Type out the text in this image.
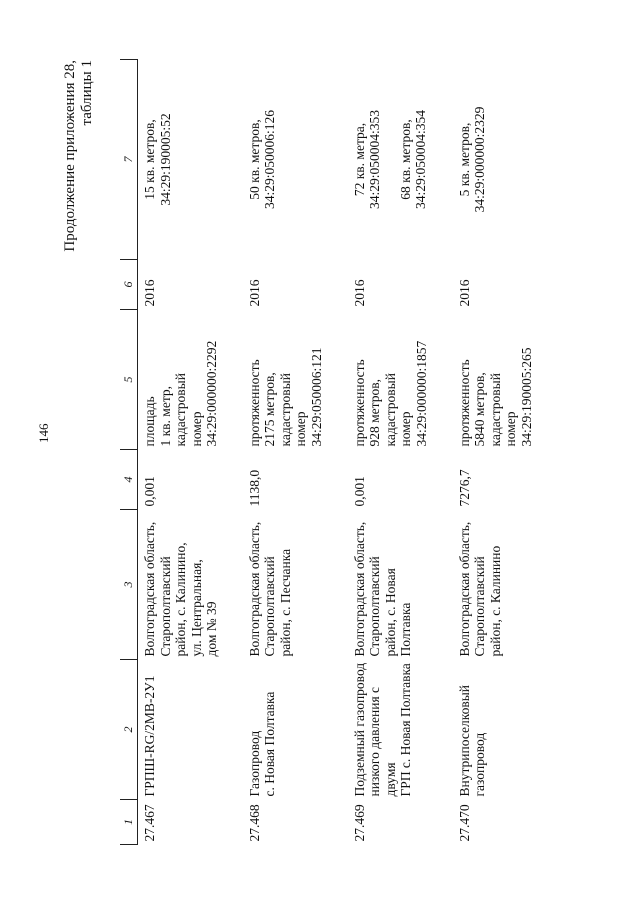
146
Продолжение приложения 28, таблицы 1
1	2	3	4	5	6	7
27.467	ГРПШ-RG/2MB-2У1	Волгоградская область, Старополтавский район, с. Калинино, ул. Центральная, дом № 39	0,001	площадь 1 кв. метр, кадастровый номер 34:29:000000:2292	2016	15 кв. метров, 34:29:190005:52

27.468	Газопровод с. Новая Полтавка	Волгоградская область, Старополтавский район, с. Песчанка	1138,0	протяженность 2175 метров, кадастровый номер 34:29:050006:121	2016	50 кв. метров, 34:29:050006:126

27.469	Подземный газопровод низкого давления с двумя ГРП с. Новая Полтавка	Волгоградская область, Старополтавский район, с. Новая Полтавка	0,001	протяженность 928 метров, кадастровый номер 34:29:000000:1857	2016	72 кв. метра, 34:29:050004:353 68 кв. метров, 34:29:050004:354

27.470	Внутрипоселковый газопровод	Волгоградская область, Старополтавский район, с. Калинино	7276,7	протяженность 5840 метров, кадастровый номер 34:29:190005:265	2016	5 кв. метров, 34:29:000000:2329
